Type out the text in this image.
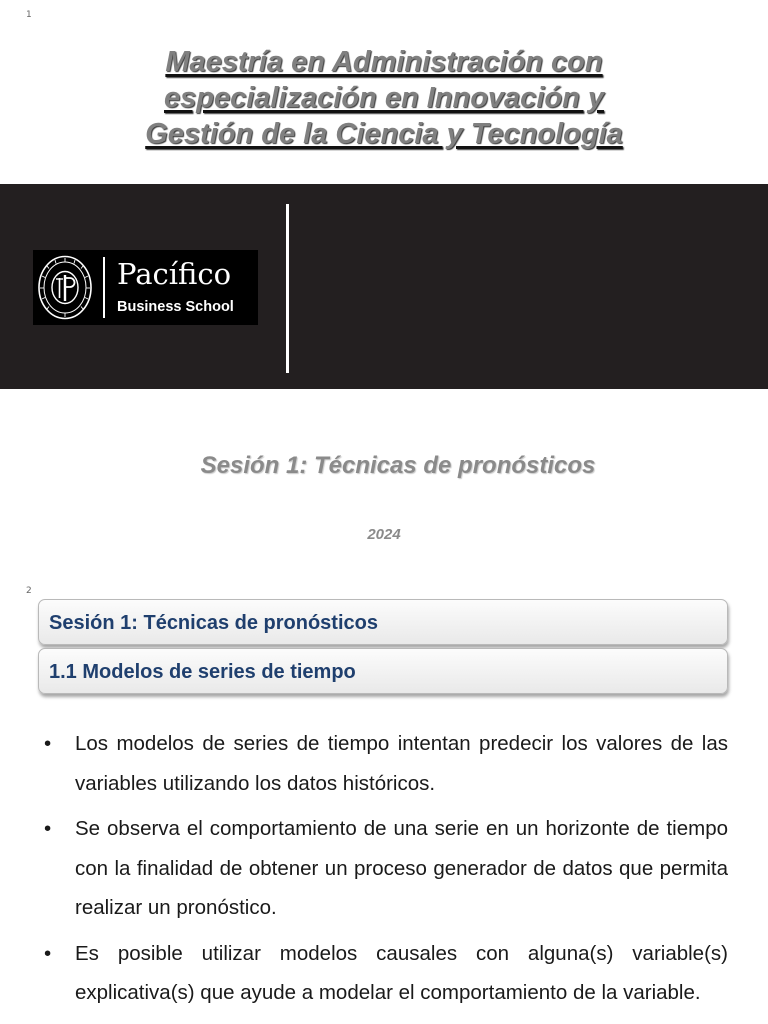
1
Maestría en Administración con
especialización en Innovación y
Gestión de la Ciencia y Tecnología
Pacífico
Business School
Sesión 1: Técnicas de pronósticos
2024
2
Sesión 1: Técnicas de pronósticos
1.1 Modelos de series de tiempo
• Los modelos de series de tiempo intentan predecir los valores de las variables utilizando los datos históricos.
• Se observa el comportamiento de una serie en un horizonte de tiempo con la finalidad de obtener un proceso generador de datos que permita realizar un pronóstico.
• Es posible utilizar modelos causales con alguna(s) variable(s) explicativa(s) que ayude a modelar el comportamiento de la variable.
